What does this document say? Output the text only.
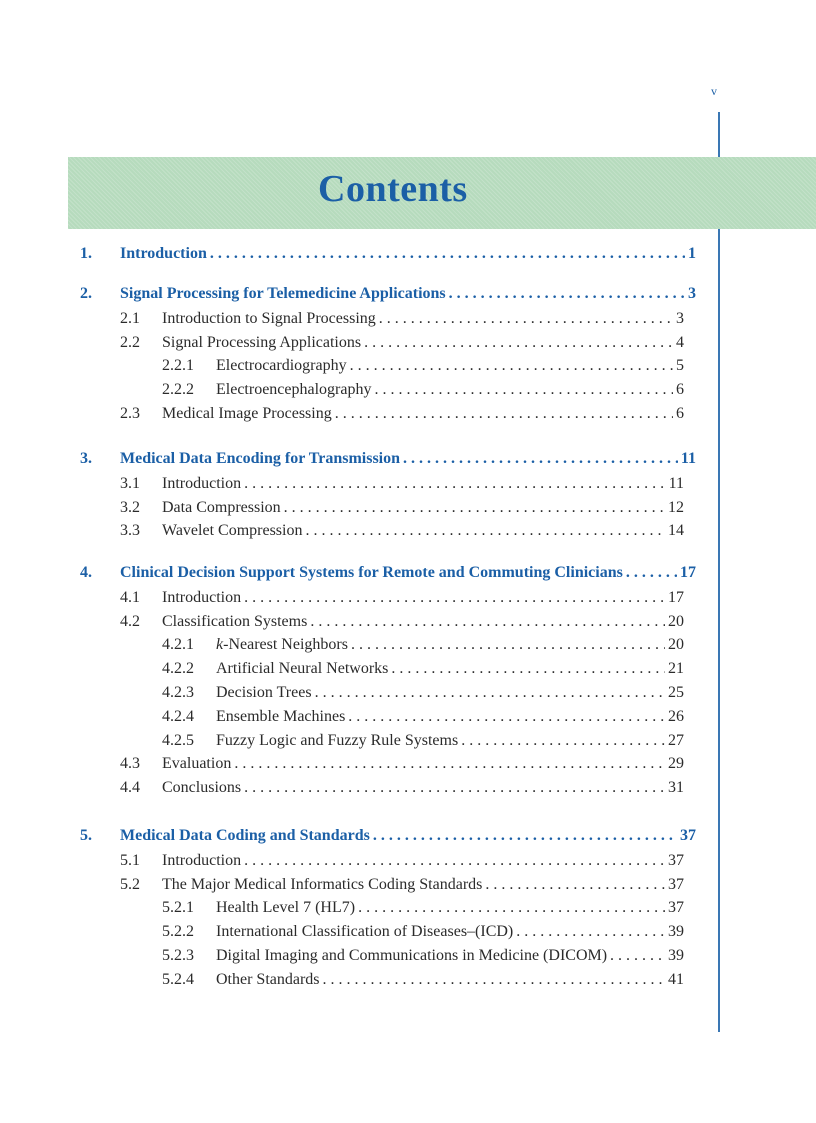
v
Contents
1. Introduction . . .	1
2. Signal Processing for Telemedicine Applications . . .	3
2.1	Introduction to Signal Processing . . .	3
2.2	Signal Processing Applications . . .	4
2.2.1	Electrocardiography . . .	5
2.2.2	Electroencephalography . . .	6
2.3	Medical Image Processing . . .	6
3. Medical Data Encoding for Transmission . . .	11
3.1	Introduction . . .	11
3.2	Data Compression . . .	12
3.3	Wavelet Compression . . .	14
4. Clinical Decision Support Systems for Remote and Commuting Clinicians . . .	17
4.1	Introduction . . .	17
4.2	Classification Systems . . .	20
4.2.1	k-Nearest Neighbors . . .	20
4.2.2	Artificial Neural Networks . . .	21
4.2.3	Decision Trees . . .	25
4.2.4	Ensemble Machines . . .	26
4.2.5	Fuzzy Logic and Fuzzy Rule Systems . . .	27
4.3	Evaluation . . .	29
4.4	Conclusions . . .	31
5. Medical Data Coding and Standards . . .	37
5.1	Introduction . . .	37
5.2	The Major Medical Informatics Coding Standards . . .	37
5.2.1	Health Level 7 (HL7) . . .	37
5.2.2	International Classification of Diseases–(ICD) . . .	39
5.2.3	Digital Imaging and Communications in Medicine (DICOM) . . .	39
5.2.4	Other Standards . . .	41
